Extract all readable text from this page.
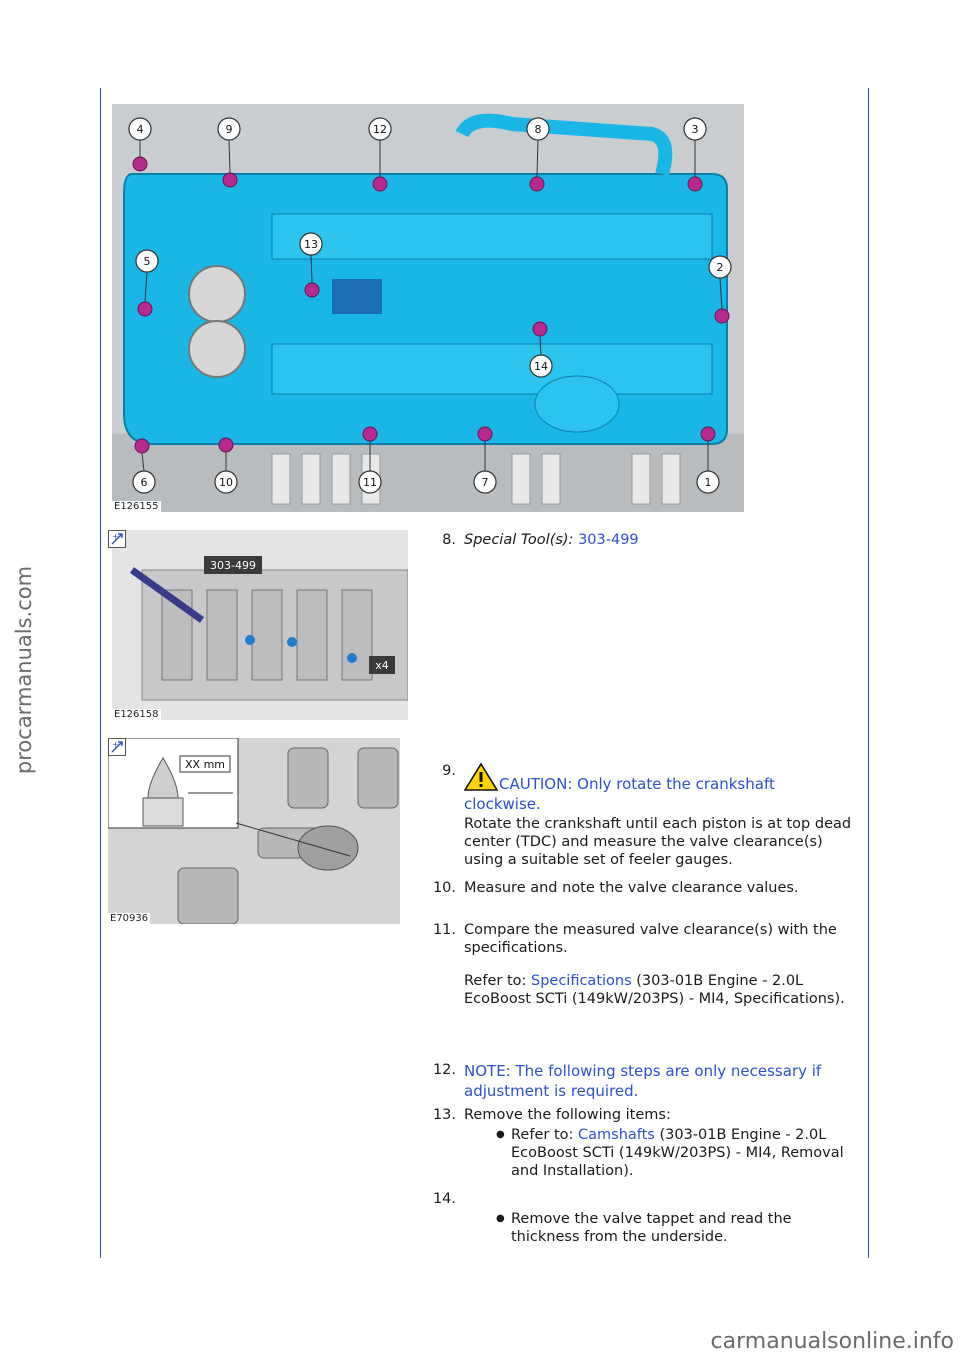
procarmanuals.com
carmanualsonline.info
4	9	12	8	3
5
13
2
14
6	10	11	7	1
E126155
303-499
x4
E126158
+
XX mm
E70936
+
8. Special Tool(s): 303-499
9.
CAUTION: Only rotate the crankshaft clockwise.
Rotate the crankshaft until each piston is at top dead center (TDC) and measure the valve clearance(s) using a suitable set of feeler gauges.
10. Measure and note the valve clearance values.
11. Compare the measured valve clearance(s) with the specifications.
Refer to: Specifications (303-01B Engine - 2.0L EcoBoost SCTi (149kW/203PS) - MI4, Specifications).
12. NOTE: The following steps are only necessary if adjustment is required.
13. Remove the following items:
● Refer to: Camshafts (303-01B Engine - 2.0L EcoBoost SCTi (149kW/203PS) - MI4, Removal and Installation).
14.
● Remove the valve tappet and read the thickness from the underside.
